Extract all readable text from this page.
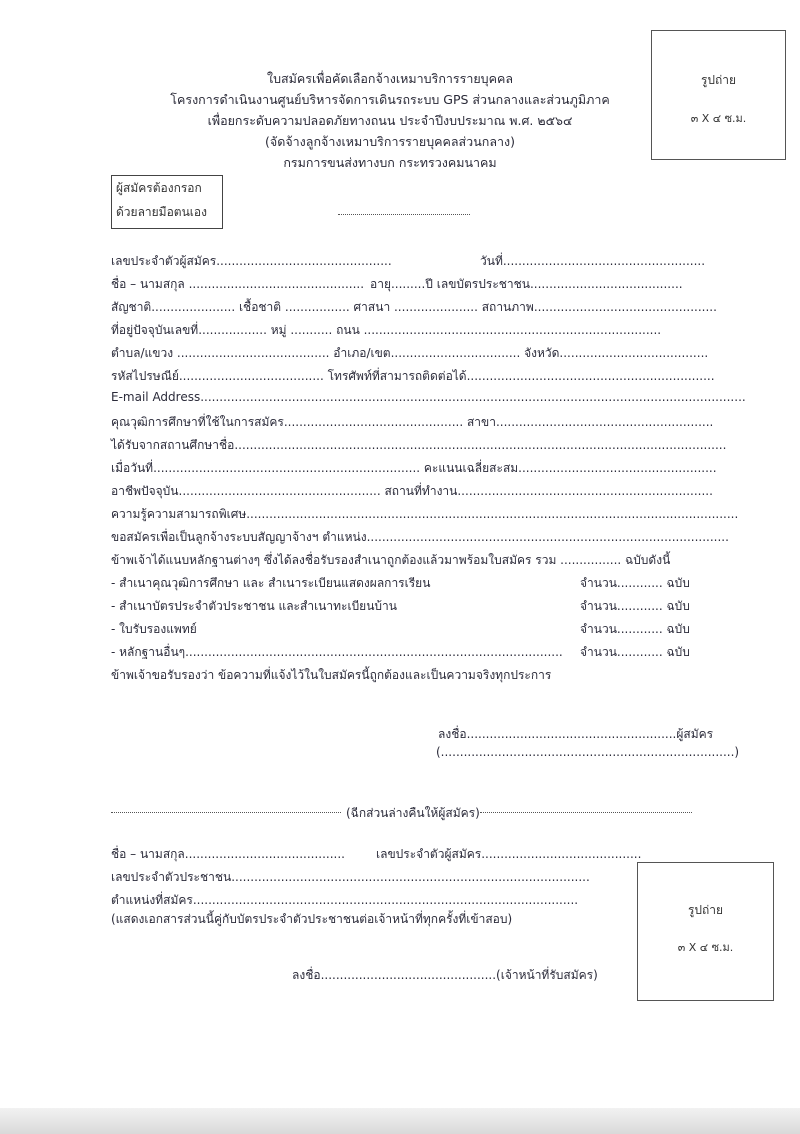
ใบสมัครเพื่อคัดเลือกจ้างเหมาบริการรายบุคคล
โครงการดำเนินงานศูนย์บริหารจัดการเดินรถระบบ GPS ส่วนกลางและส่วนภูมิภาค
เพื่อยกระดับความปลอดภัยทางถนน ประจำปีงบประมาณ พ.ศ. ๒๕๖๔
(จัดจ้างลูกจ้างเหมาบริการรายบุคคลส่วนกลาง)
กรมการขนส่งทางบก กระทรวงคมนาคม
รูปถ่าย
๓ X ๔ ซ.ม.
ผู้สมัครต้องกรอก
ด้วยลายมือตนเอง
เลขประจำตัวผู้สมัคร..............................................	วันที่.....................................................
ชื่อ – นามสกุล .............................................. อายุ.........ปี เลขบัตรประชาชน........................................
สัญชาติ...................... เชื้อชาติ ................. ศาสนา ...................... สถานภาพ................................................
ที่อยู่ปัจจุบันเลขที่.................. หมู่ ........... ถนน ..............................................................................
ตำบล/แขวง ........................................ อำเภอ/เขต.................................. จังหวัด.......................................
รหัสไปรษณีย์...................................... โทรศัพท์ที่สามารถติดต่อได้.................................................................
E-mail Address...............................................................................................................................................
คุณวุฒิการศึกษาที่ใช้ในการสมัคร............................................... สาขา.........................................................
ได้รับจากสถานศึกษาชื่อ.................................................................................................................................
เมื่อวันที่...................................................................... คะแนนเฉลี่ยสะสม....................................................
อาชีพปัจจุบัน..................................................... สถานที่ทำงาน...................................................................
ความรู้ความสามารถพิเศษ.................................................................................................................................
ขอสมัครเพื่อเป็นลูกจ้างระบบสัญญาจ้างฯ ตำแหน่ง...............................................................................................
ข้าพเจ้าได้แนบหลักฐานต่างๆ ซึ่งได้ลงชื่อรับรองสำเนาถูกต้องแล้วมาพร้อมใบสมัคร รวม ................ ฉบับดังนี้
- สำเนาคุณวุฒิการศึกษา และ สำเนาระเบียนแสดงผลการเรียน	จำนวน............ ฉบับ
- สำเนาบัตรประจำตัวประชาชน และสำเนาทะเบียนบ้าน	จำนวน............ ฉบับ
- ใบรับรองแพทย์	จำนวน............ ฉบับ
- หลักฐานอื่นๆ................................................................................................... จำนวน............ ฉบับ
ข้าพเจ้าขอรับรองว่า ข้อความที่แจ้งไว้ในใบสมัครนี้ถูกต้องและเป็นความจริงทุกประการ
ลงชื่อ.......................................................ผู้สมัคร
(.............................................................................)
(ฉีกส่วนล่างคืนให้ผู้สมัคร)
ชื่อ – นามสกุล..........................................	เลขประจำตัวผู้สมัคร..........................................
เลขประจำตัวประชาชน..............................................................................................
ตำแหน่งที่สมัคร.....................................................................................................
(แสดงเอกสารส่วนนี้คู่กับบัตรประจำตัวประชาชนต่อเจ้าหน้าที่ทุกครั้งที่เข้าสอบ)
ลงชื่อ..............................................(เจ้าหน้าที่รับสมัคร)
รูปถ่าย
๓ X ๔ ซ.ม.
